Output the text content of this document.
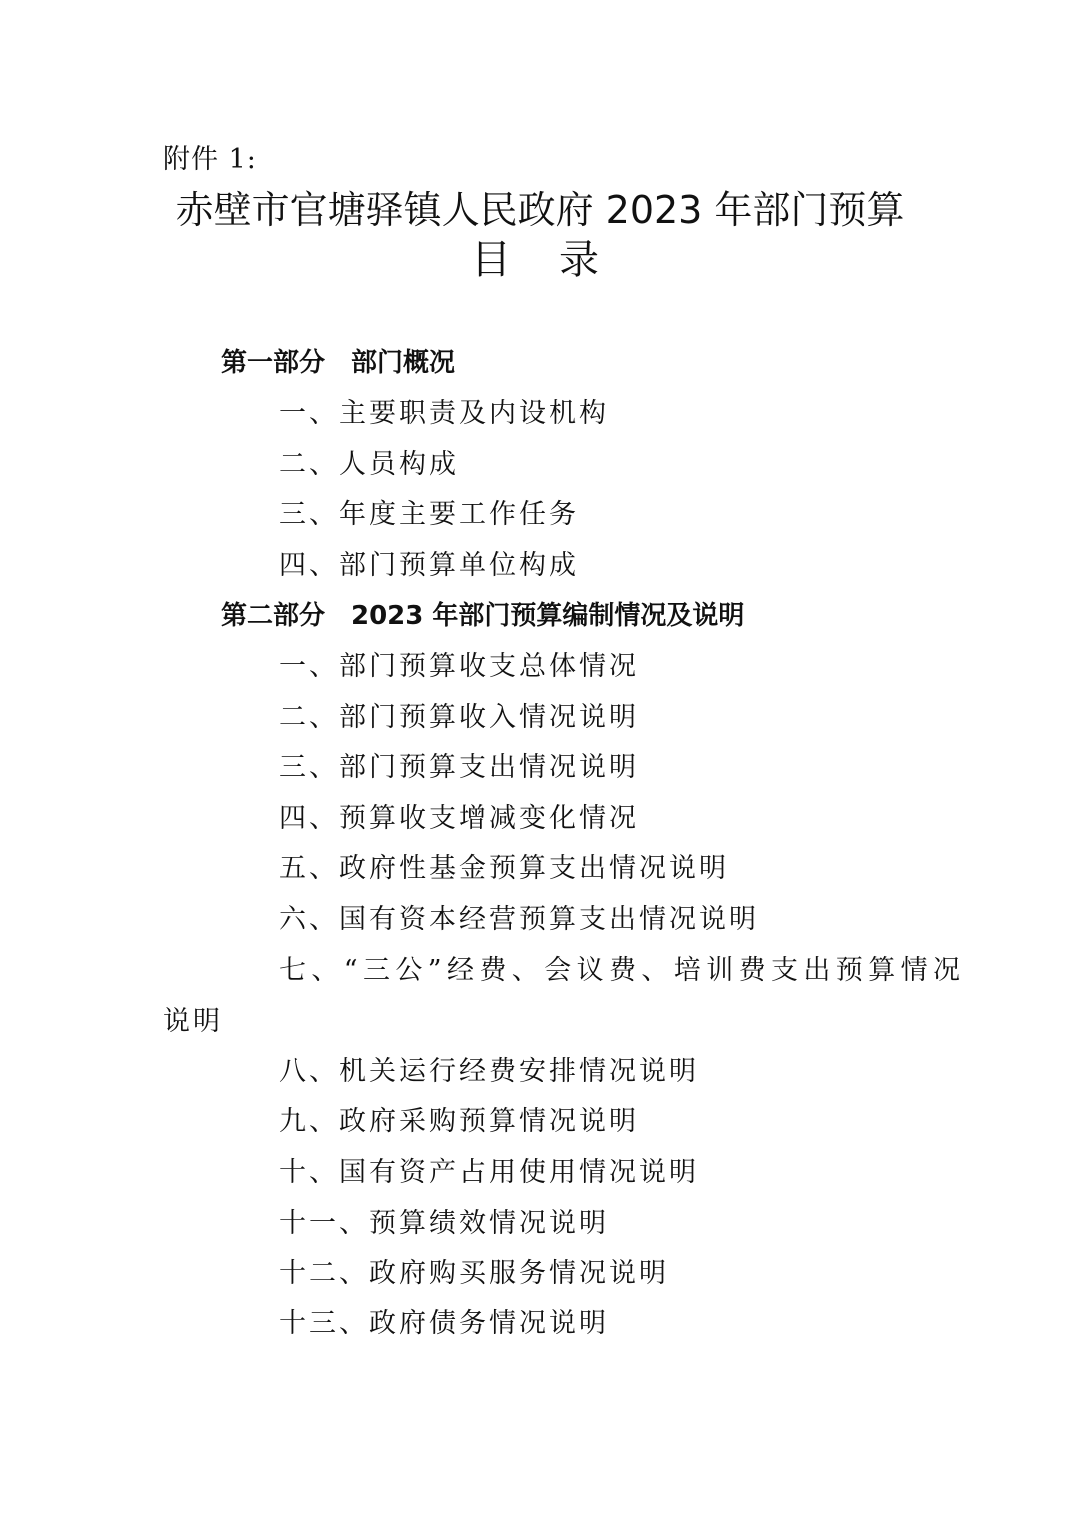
附件 1:
赤壁市官塘驿镇人民政府 2023 年部门预算
目录
第一部分　部门概况
一、主要职责及内设机构
二、人员构成
三、年度主要工作任务
四、部门预算单位构成
第二部分　2023 年部门预算编制情况及说明
一、部门预算收支总体情况
二、部门预算收入情况说明
三、部门预算支出情况说明
四、预算收支增减变化情况
五、政府性基金预算支出情况说明
六、国有资本经营预算支出情况说明
七、“三公”经费、会议费、培训费支出预算情况
说明
八、机关运行经费安排情况说明
九、政府采购预算情况说明
十、国有资产占用使用情况说明
十一、预算绩效情况说明
十二、政府购买服务情况说明
十三、政府债务情况说明
